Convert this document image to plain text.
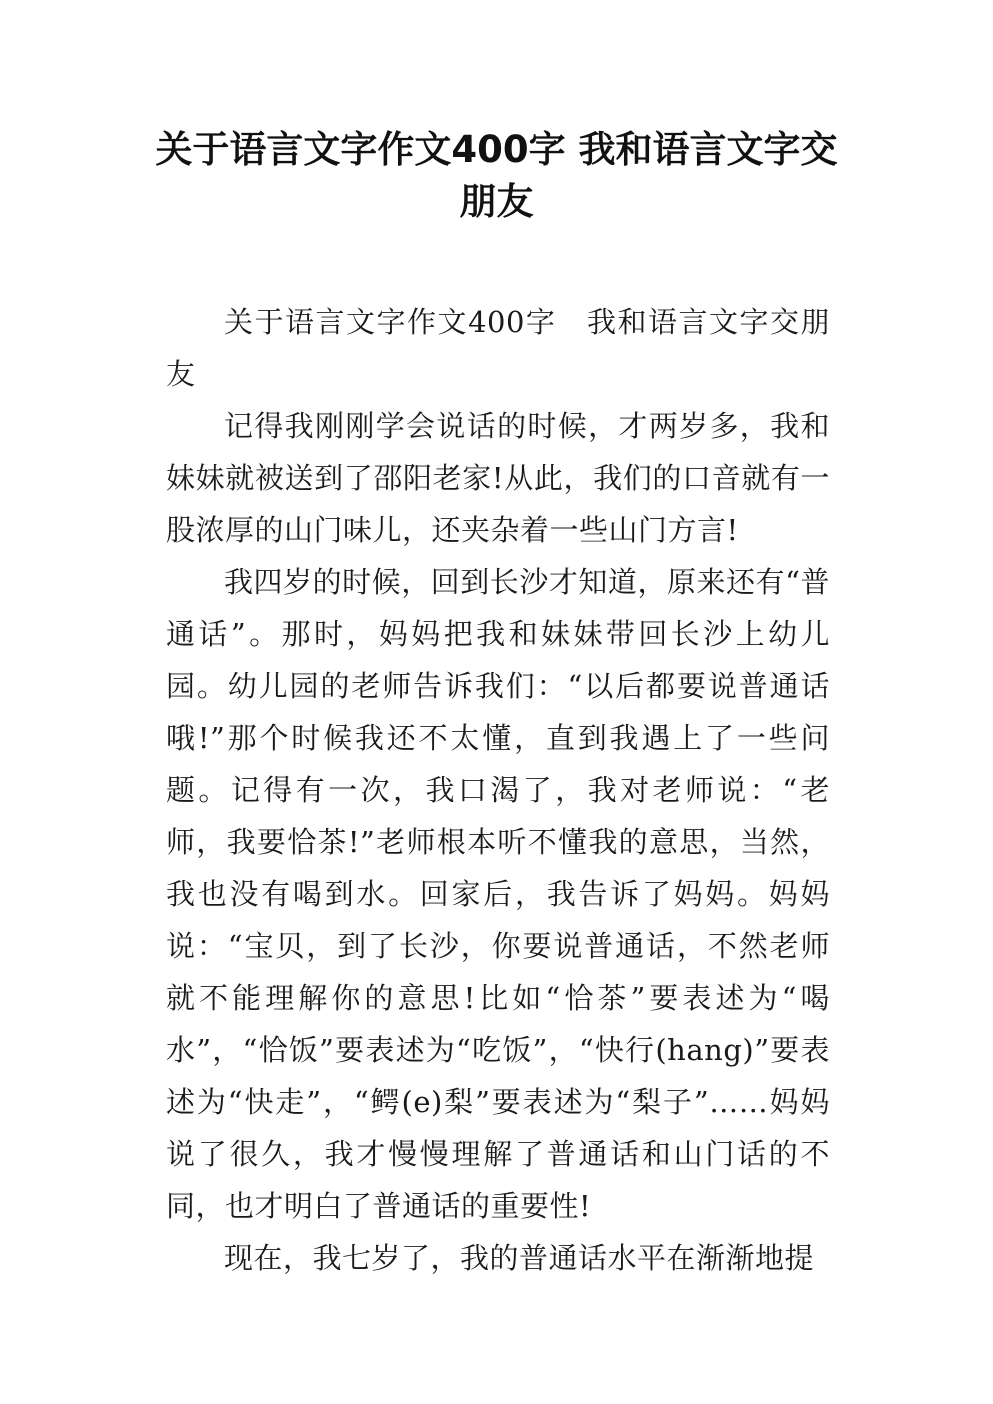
关于语言文字作文400字 我和语言文字交朋友

关于语言文字作文400字　我和语言文字交朋友

记得我刚刚学会说话的时候，才两岁多，我和妹妹就被送到了邵阳老家!从此，我们的口音就有一股浓厚的山门味儿，还夹杂着一些山门方言!

我四岁的时候，回到长沙才知道，原来还有“普通话”。那时，妈妈把我和妹妹带回长沙上幼儿园。幼儿园的老师告诉我们：“以后都要说普通话哦!”那个时候我还不太懂，直到我遇上了一些问题。记得有一次，我口渴了，我对老师说：“老师，我要恰茶!”老师根本听不懂我的意思，当然，我也没有喝到水。回家后，我告诉了妈妈。妈妈说：“宝贝，到了长沙，你要说普通话，不然老师就不能理解你的意思!比如“恰茶”要表述为“喝水”，“恰饭”要表述为“吃饭”，“快行(hang)”要表述为“快走”，“鳄(e)梨”要表述为“梨子”……妈妈说了很久，我才慢慢理解了普通话和山门话的不同，也才明白了普通话的重要性!

现在，我七岁了，我的普通话水平在渐渐地提
